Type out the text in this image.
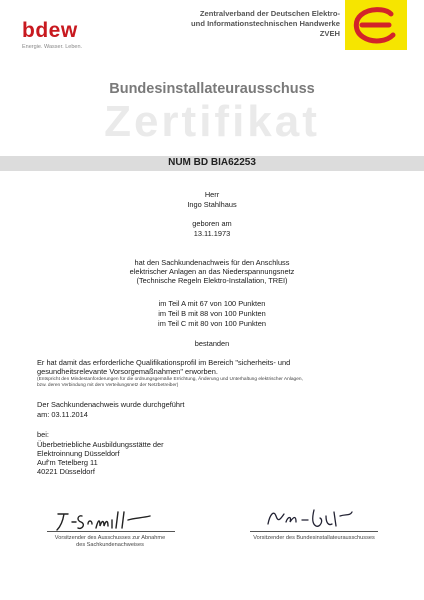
bdew
Energie. Wasser. Leben.
Zentralverband der Deutschen Elektro-
und Informationstechnischen Handwerke
ZVEH
Bundesinstallateurausschuss
Zertifikat
NUM BD BIA62253
Herr
Ingo Stahlhaus
geboren am
13.11.1973
hat den Sachkundenachweis für den Anschluss
elektrischer Anlagen an das Niederspannungsnetz
(Technische Regeln Elektro-Installation, TREI)
im Teil A mit 67 von 100 Punkten
im Teil B mit 88 von 100 Punkten
im Teil C mit 80 von 100 Punkten
bestanden
Er hat damit das erforderliche Qualifikationsprofil im Bereich "sicherheits- und
gesundheitsrelevante Vorsorgemaßnahmen" erworben.
(Entspricht den Mindestanforderungen für die ordnungsgemäße Errichtung, Änderung und Unterhaltung elektrischer Anlagen,
bzw. deren Verbindung mit dem Verteilungsnetz der Netzbetreiber)
Der Sachkundenachweis wurde durchgeführt
am: 03.11.2014
bei:
Überbetriebliche Ausbildungsstätte der
Elektroinnung Düsseldorf
Auf'm Tetelberg 11
40221 Düsseldorf
Vorsitzender des Ausschusses zur Abnahme
des Sachkundenachweises
Vorsitzender des Bundesinstallateurausschusses
